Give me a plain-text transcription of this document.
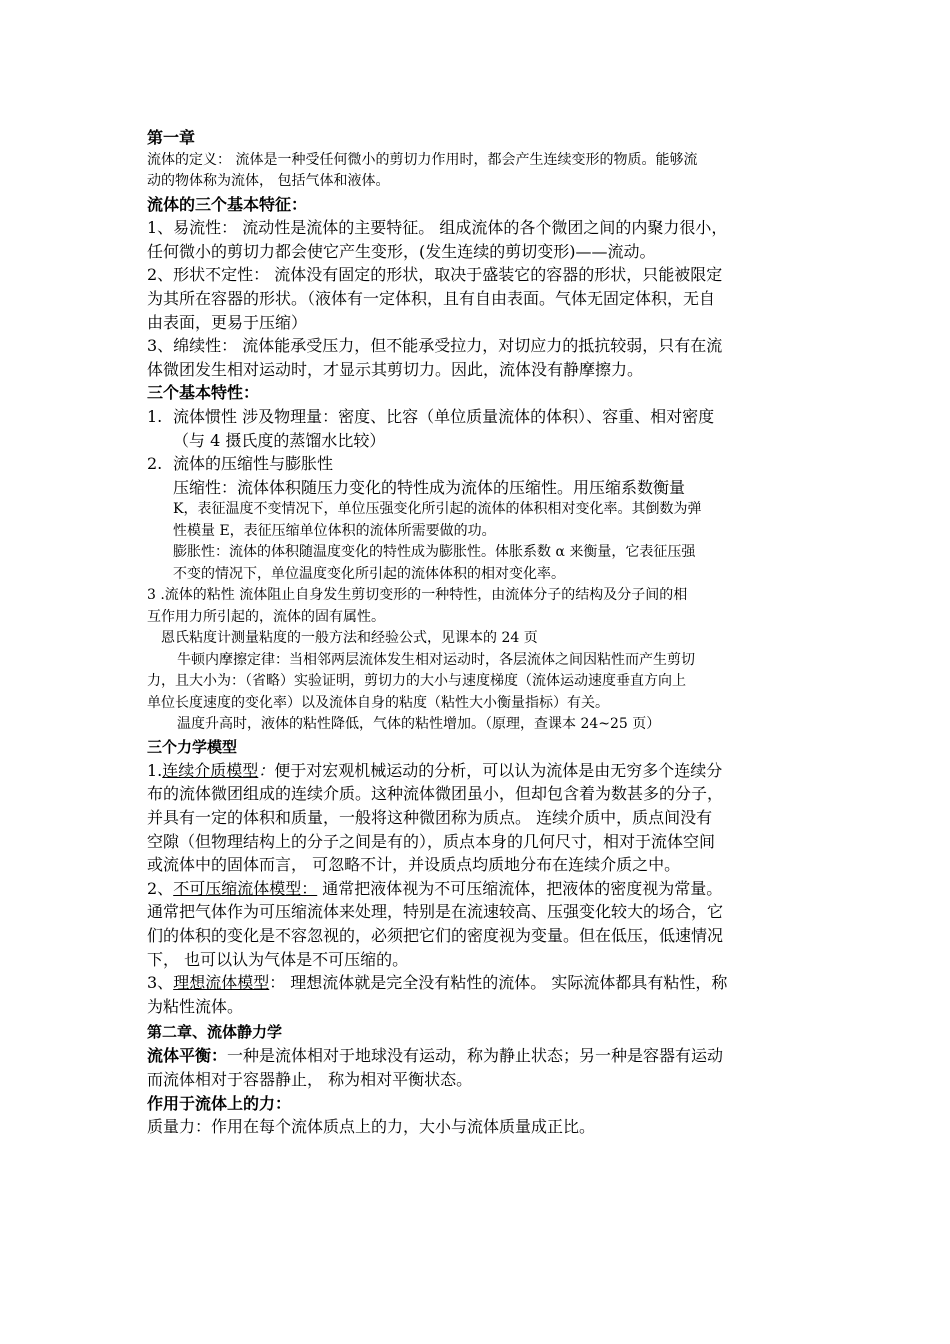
第一章

流体的定义： 流体是一种受任何微小的剪切力作用时，都会产生连续变形的物质。能够流

动的物体称为流体， 包括气体和液体。

流体的三个基本特征：

1、易流性： 流动性是流体的主要特征。 组成流体的各个微团之间的内聚力很小，

任何微小的剪切力都会使它产生变形，(发生连续的剪切变形)——流动。

2、形状不定性： 流体没有固定的形状，取决于盛装它的容器的形状，只能被限定

为其所在容器的形状。（液体有一定体积，且有自由表面。气体无固定体积，无自

由表面，更易于压缩）

3、绵续性： 流体能承受压力，但不能承受拉力，对切应力的抵抗较弱，只有在流

体微团发生相对运动时，才显示其剪切力。因此，流体没有静摩擦力。

三个基本特性：

1. 流体惯性 涉及物理量：密度、比容（单位质量流体的体积）、容重、相对密度

（与 4 摄氏度的蒸馏水比较）

2. 流体的压缩性与膨胀性

压缩性：流体体积随压力变化的特性成为流体的压缩性。用压缩系数衡量

K，表征温度不变情况下，单位压强变化所引起的流体的体积相对变化率。其倒数为弹

性模量 E，表征压缩单位体积的流体所需要做的功。

膨胀性：流体的体积随温度变化的特性成为膨胀性。体胀系数 α 来衡量，它表征压强

不变的情况下，单位温度变化所引起的流体体积的相对变化率。

3 .流体的粘性 流体阻止自身发生剪切变形的一种特性，由流体分子的结构及分子间的相

互作用力所引起的，流体的固有属性。

恩氏粘度计测量粘度的一般方法和经验公式，见课本的 24 页

牛顿内摩擦定律：当相邻两层流体发生相对运动时，各层流体之间因粘性而产生剪切

力，且大小为：（省略）实验证明，剪切力的大小与速度梯度（流体运动速度垂直方向上

单位长度速度的变化率）以及流体自身的粘度（粘性大小衡量指标）有关。

温度升高时，液体的粘性降低，气体的粘性增加。（原理，查课本 24~25 页）

三个力学模型

1.连续介质模型：便于对宏观机械运动的分析，可以认为流体是由无穷多个连续分

布的流体微团组成的连续介质。这种流体微团虽小，但却包含着为数甚多的分子，

并具有一定的体积和质量，一般将这种微团称为质点。 连续介质中，质点间没有

空隙（但物理结构上的分子之间是有的），质点本身的几何尺寸，相对于流体空间

或流体中的固体而言， 可忽略不计，并设质点均质地分布在连续介质之中。

2、不可压缩流体模型： 通常把液体视为不可压缩流体，把液体的密度视为常量。

通常把气体作为可压缩流体来处理，特别是在流速较高、压强变化较大的场合，它

们的体积的变化是不容忽视的，必须把它们的密度视为变量。但在低压，低速情况

下， 也可以认为气体是不可压缩的。

3、理想流体模型： 理想流体就是完全没有粘性的流体。 实际流体都具有粘性，称

为粘性流体。

第二章、流体静力学

流体平衡：一种是流体相对于地球没有运动，称为静止状态；另一种是容器有运动

而流体相对于容器静止， 称为相对平衡状态。

作用于流体上的力：

质量力：作用在每个流体质点上的力，大小与流体质量成正比。
